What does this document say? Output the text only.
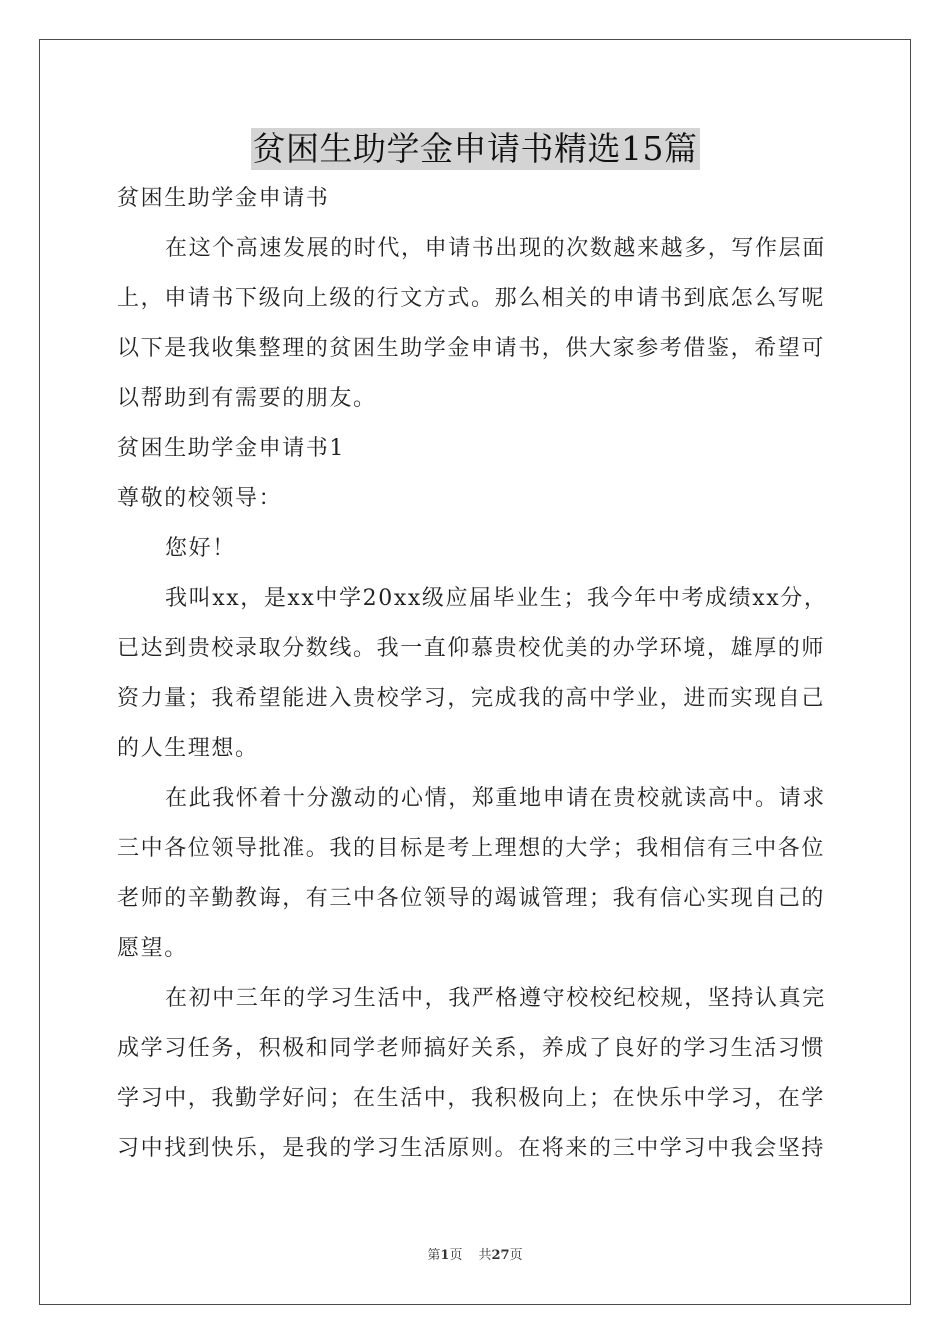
贫困生助学金申请书精选15篇
贫困生助学金申请书
在这个高速发展的时代，申请书出现的次数越来越多，写作层面
上，申请书下级向上级的行文方式。那么相关的申请书到底怎么写呢
以下是我收集整理的贫困生助学金申请书，供大家参考借鉴，希望可
以帮助到有需要的朋友。
贫困生助学金申请书1
尊敬的校领导：
您好！
我叫xx，是xx中学20xx级应届毕业生；我今年中考成绩xx分，
已达到贵校录取分数线。我一直仰慕贵校优美的办学环境，雄厚的师
资力量；我希望能进入贵校学习，完成我的高中学业，进而实现自己
的人生理想。
在此我怀着十分激动的心情，郑重地申请在贵校就读高中。请求
三中各位领导批准。我的目标是考上理想的大学；我相信有三中各位
老师的辛勤教诲，有三中各位领导的竭诚管理；我有信心实现自己的
愿望。
在初中三年的学习生活中，我严格遵守校校纪校规，坚持认真完
成学习任务，积极和同学老师搞好关系，养成了良好的学习生活习惯
学习中，我勤学好问；在生活中，我积极向上；在快乐中学习，在学
习中找到快乐，是我的学习生活原则。在将来的三中学习中我会坚持
第1页 共27页
